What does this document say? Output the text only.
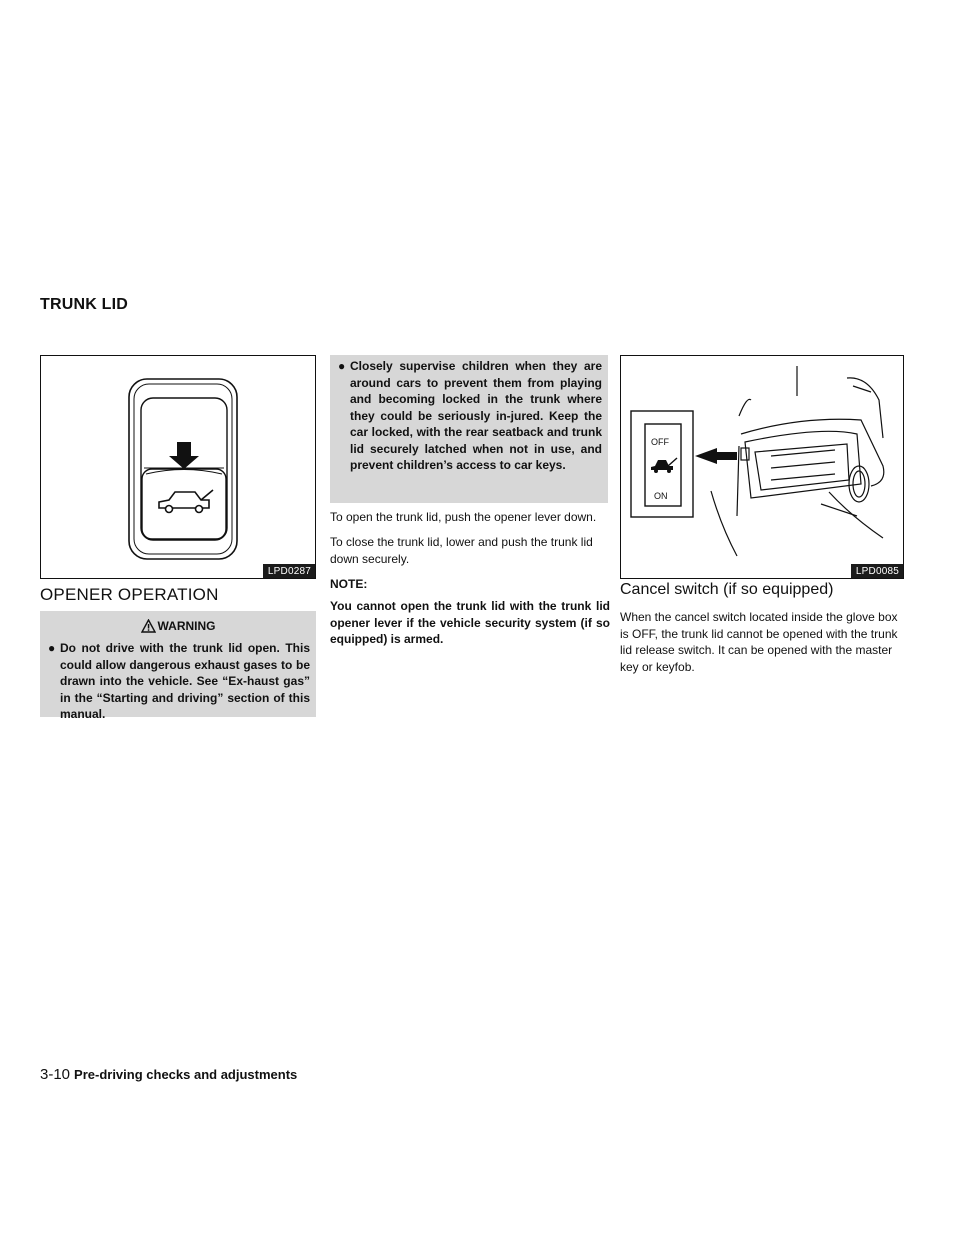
TRUNK LID
LPD0287
OPENER OPERATION
WARNING
● Do not drive with the trunk lid open. This could allow dangerous exhaust gases to be drawn into the vehicle. See “Ex-haust gas” in the “Starting and driving” section of this manual.
● Closely supervise children when they are around cars to prevent them from playing and becoming locked in the trunk where they could be seriously in-jured. Keep the car locked, with the rear seatback and trunk lid securely latched when not in use, and prevent children’s access to car keys.
To open the trunk lid, push the opener lever down.
To close the trunk lid, lower and push the trunk lid down securely.
NOTE:
You cannot open the trunk lid with the trunk lid opener lever if the vehicle security system (if so equipped) is armed.
OFF
ON
LPD0085
Cancel switch (if so equipped)
When the cancel switch located inside the glove box is OFF, the trunk lid cannot be opened with the trunk lid release switch. It can be opened with the master key or keyfob.
3-10 Pre-driving checks and adjustments
